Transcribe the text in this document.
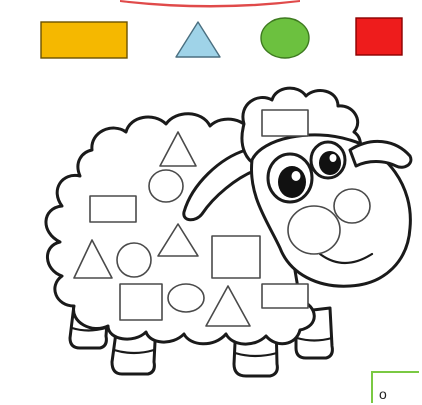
o
